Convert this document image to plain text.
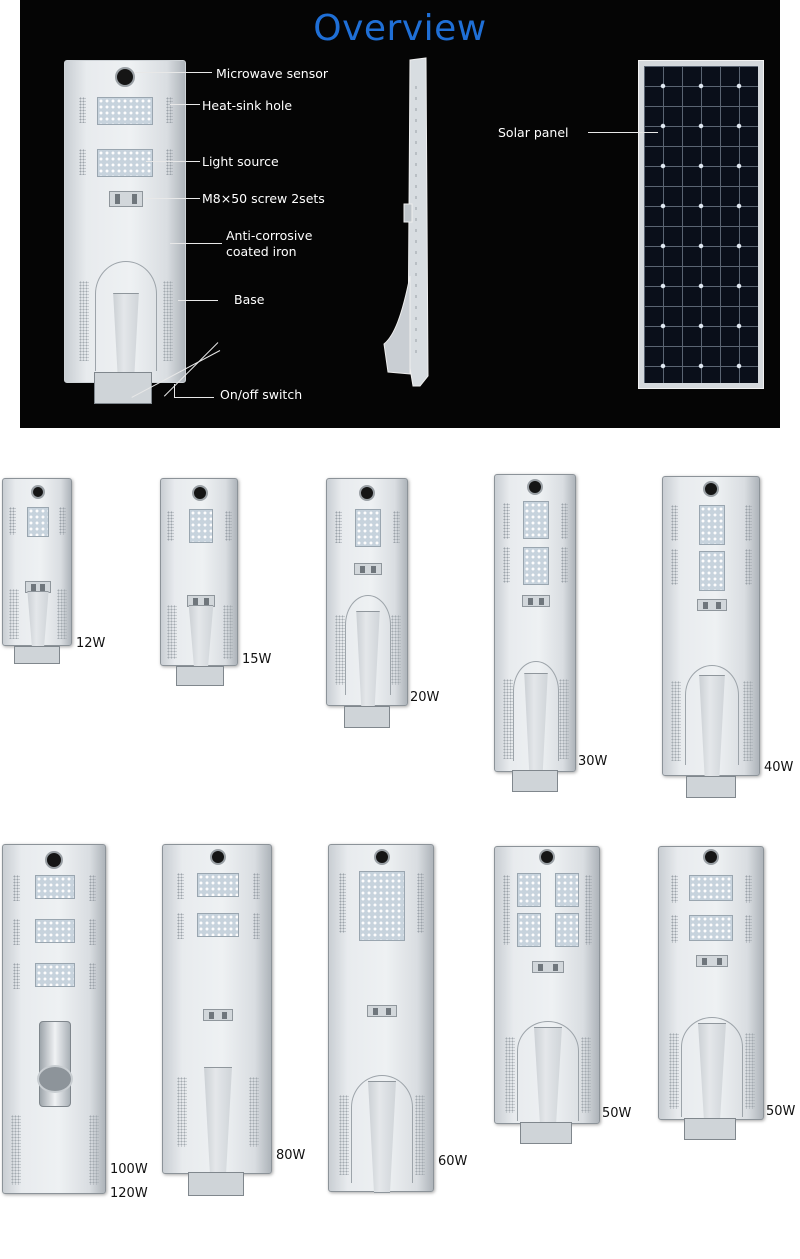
Overview
Microwave sensor
Heat-sink hole
Light source
M8×50 screw 2sets
Anti-corrosive
coated iron
Base
On/off switch
Solar panel
12W
15W
20W
30W	40W
100W
120W
80W	60W
50W	50W
